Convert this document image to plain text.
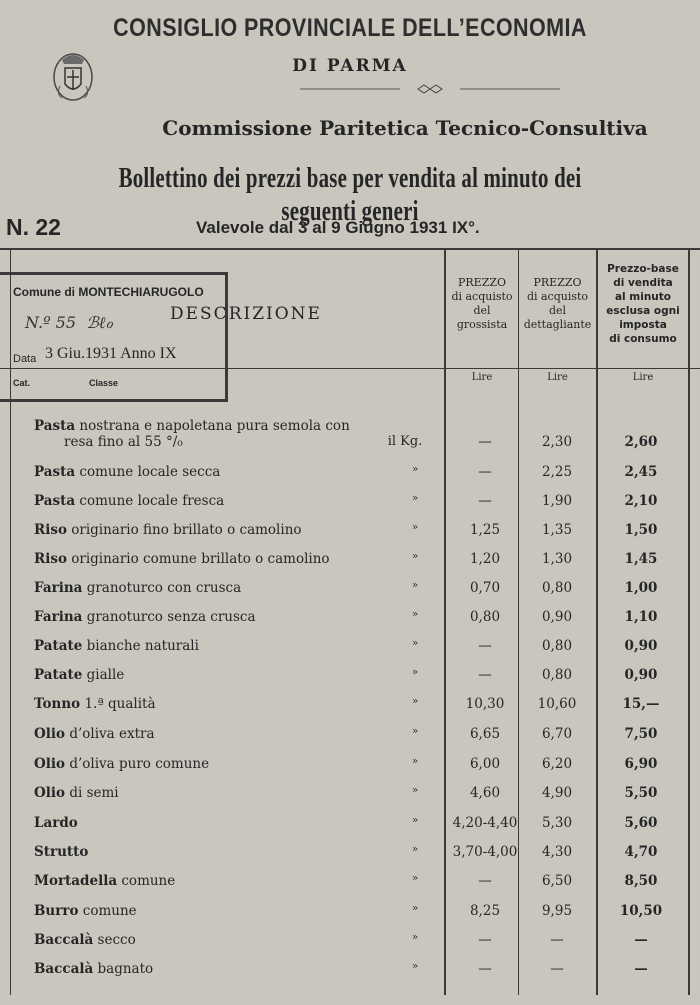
CONSIGLIO PROVINCIALE DELL’ECONOMIA
DI PARMA
Commissione Paritetica Tecnico-Consultiva
Bollettino dei prezzi base per vendita al minuto dei seguenti generi
N. 22	Valevole dal 3 al 9 Giugno 1931 IX°.
Comune di MONTECHIARUGOLO
N.º 55  ℬℓℴ
Data 3 Giu.1931 Anno IX
Cat.	Classe
DESCRIZIONE
PREZZO
di acquisto
del
grossista
PREZZO
di acquisto
del
dettagliante
Prezzo-base
di vendita
al minuto
esclusa ogni
imposta
di consumo
Lire	Lire	Lire
Pasta nostrana e napoletana pura semola con
resa fino al 55 °/₀	il Kg.	—	2,30	2,60
Pasta comune locale secca	»	—	2,25	2,45
Pasta comune locale fresca	»	—	1,90	2,10
Riso originario fino brillato o camolino	»	1,25	1,35	1,50
Riso originario comune brillato o camolino	»	1,20	1,30	1,45
Farina granoturco con crusca	»	0,70	0,80	1,00
Farina granoturco senza crusca	»	0,80	0,90	1,10
Patate bianche naturali	»	—	0,80	0,90
Patate gialle	»	—	0,80	0,90
Tonno 1.ª qualità	»	10,30	10,60	15,—
Olio d’oliva extra	»	6,65	6,70	7,50
Olio d’oliva puro comune	»	6,00	6,20	6,90
Olio di semi	»	4,60	4,90	5,50
Lardo	»	4,20-4,40	5,30	5,60
Strutto	»	3,70-4,00	4,30	4,70
Mortadella comune	»	—	6,50	8,50
Burro comune	»	8,25	9,95	10,50
Baccalà secco	»	—	—	—
Baccalà bagnato	»	—	—	—
